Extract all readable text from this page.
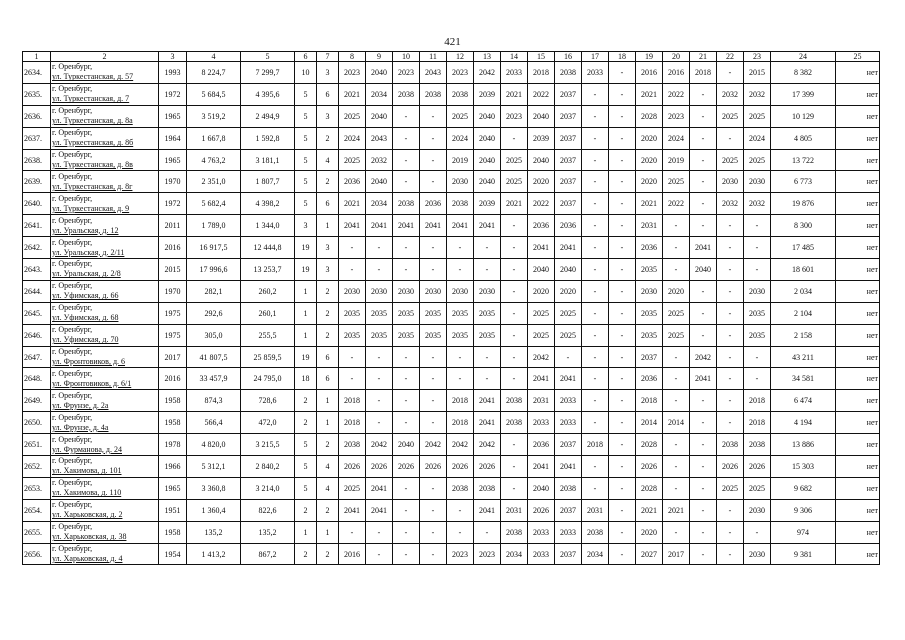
421
1	2	3	4	5	6	7	8	9	10	11	12	13	14	15	16	17	18	19	20	21	22	23	24	25
2634.	г. Оренбург,
ул. Туркестанская, д. 57	1993	8 224,7	7 299,7	10	3	2023	2040	2023	2043	2023	2042	2033	2018	2038	2033	-	2016	2016	2018	-	2015	8 382	нет
2635.	г. Оренбург,
ул. Туркестанская, д. 7	1972	5 684,5	4 395,6	5	6	2021	2034	2038	2038	2038	2039	2021	2022	2037	-	-	2021	2022	-	2032	2032	17 399	нет
2636.	г. Оренбург,
ул. Туркестанская, д. 8а	1965	3 519,2	2 494,9	5	3	2025	2040	-	-	2025	2040	2023	2040	2037	-	-	2028	2023	-	2025	2025	10 129	нет
2637.	г. Оренбург,
ул. Туркестанская, д. 8б	1964	1 667,8	1 592,8	5	2	2024	2043	-	-	2024	2040	-	2039	2037	-	-	2020	2024	-	-	2024	4 805	нет
2638.	г. Оренбург,
ул. Туркестанская, д. 8в	1965	4 763,2	3 181,1	5	4	2025	2032	-	-	2019	2040	2025	2040	2037	-	-	2020	2019	-	2025	2025	13 722	нет
2639.	г. Оренбург,
ул. Туркестанская, д. 8г	1970	2 351,0	1 807,7	5	2	2036	2040	-	-	2030	2040	2025	2020	2037	-	-	2020	2025	-	2030	2030	6 773	нет
2640.	г. Оренбург,
ул. Туркестанская, д. 9	1972	5 682,4	4 398,2	5	6	2021	2034	2038	2036	2038	2039	2021	2022	2037	-	-	2021	2022	-	2032	2032	19 876	нет
2641.	г. Оренбург,
ул. Уральская, д. 12	2011	1 789,0	1 344,0	3	1	2041	2041	2041	2041	2041	2041	-	2036	2036	-	-	2031	-	-	-	-	8 300	нет
2642.	г. Оренбург,
ул. Уральская, д. 2/11	2016	16 917,5	12 444,8	19	3	-	-	-	-	-	-	-	2041	2041	-	-	2036	-	2041	-	-	17 485	нет
2643.	г. Оренбург,
ул. Уральская, д. 2/8	2015	17 996,6	13 253,7	19	3	-	-	-	-	-	-	-	2040	2040	-	-	2035	-	2040	-	-	18 601	нет
2644.	г. Оренбург,
ул. Уфимская, д. 66	1970	282,1	260,2	1	2	2030	2030	2030	2030	2030	2030	-	2020	2020	-	-	2030	2020	-	-	2030	2 034	нет
2645.	г. Оренбург,
ул. Уфимская, д. 68	1975	292,6	260,1	1	2	2035	2035	2035	2035	2035	2035	-	2025	2025	-	-	2035	2025	-	-	2035	2 104	нет
2646.	г. Оренбург,
ул. Уфимская, д. 70	1975	305,0	255,5	1	2	2035	2035	2035	2035	2035	2035	-	2025	2025	-	-	2035	2025	-	-	2035	2 158	нет
2647.	г. Оренбург,
ул. Фронтовиков, д. 6	2017	41 807,5	25 859,5	19	6	-	-	-	-	-	-	-	2042	-	-	-	2037	-	2042	-	-	43 211	нет
2648.	г. Оренбург,
ул. Фронтовиков, д. 6/1	2016	33 457,9	24 795,0	18	6	-	-	-	-	-	-	-	2041	2041	-	-	2036	-	2041	-	-	34 581	нет
2649.	г. Оренбург,
ул. Фрунзе, д. 2а	1958	874,3	728,6	2	1	2018	-	-	-	2018	2041	2038	2031	2033	-	-	2018	-	-	-	2018	6 474	нет
2650.	г. Оренбург,
ул. Фрунзе, д. 4а	1958	566,4	472,0	2	1	2018	-	-	-	2018	2041	2038	2033	2033	-	-	2014	2014	-	-	2018	4 194	нет
2651.	г. Оренбург,
ул. Фурманова, д. 24	1978	4 820,0	3 215,5	5	2	2038	2042	2040	2042	2042	2042	-	2036	2037	2018	-	2028	-	-	2038	2038	13 886	нет
2652.	г. Оренбург,
ул. Хакимова, д. 101	1966	5 312,1	2 840,2	5	4	2026	2026	2026	2026	2026	2026	-	2041	2041	-	-	2026	-	-	2026	2026	15 303	нет
2653.	г. Оренбург,
ул. Хакимова, д. 110	1965	3 360,8	3 214,0	5	4	2025	2041	-	-	2038	2038	-	2040	2038	-	-	2028	-	-	2025	2025	9 682	нет
2654.	г. Оренбург,
ул. Харьковская, д. 2	1951	1 360,4	822,6	2	2	2041	2041	-	-	-	2041	2031	2026	2037	2031	-	2021	2021	-	-	2030	9 306	нет
2655.	г. Оренбург,
ул. Харьковская, д. 38	1958	135,2	135,2	1	1	-	-	-	-	-	-	2038	2033	2033	2038	-	2020	-	-	-	-	974	нет
2656.	г. Оренбург,
ул. Харьковская, д. 4	1954	1 413,2	867,2	2	2	2016	-	-	-	2023	2023	2034	2033	2037	2034	-	2027	2017	-	-	2030	9 381	нет
